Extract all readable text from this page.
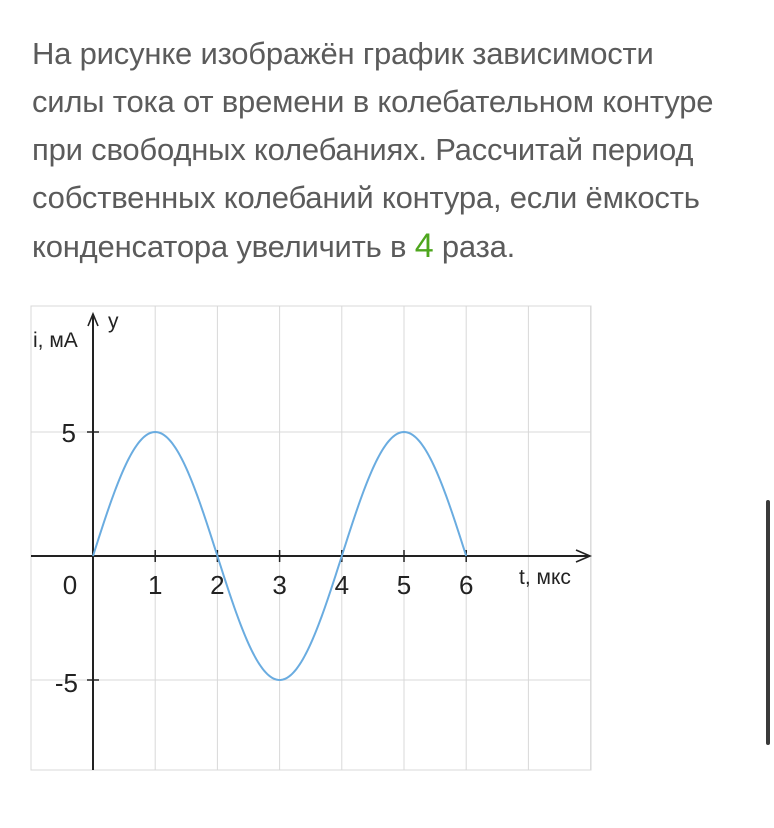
На рисунке изображён график зависимости силы тока от времени в колебательном контуре при свободных колебаниях. Рассчитай период собственных колебаний контура, если ёмкость конденсатора увеличить в 4 раза.
i, мА
y
t, мкс
0	1 2 3 4 5 6
5
-5
